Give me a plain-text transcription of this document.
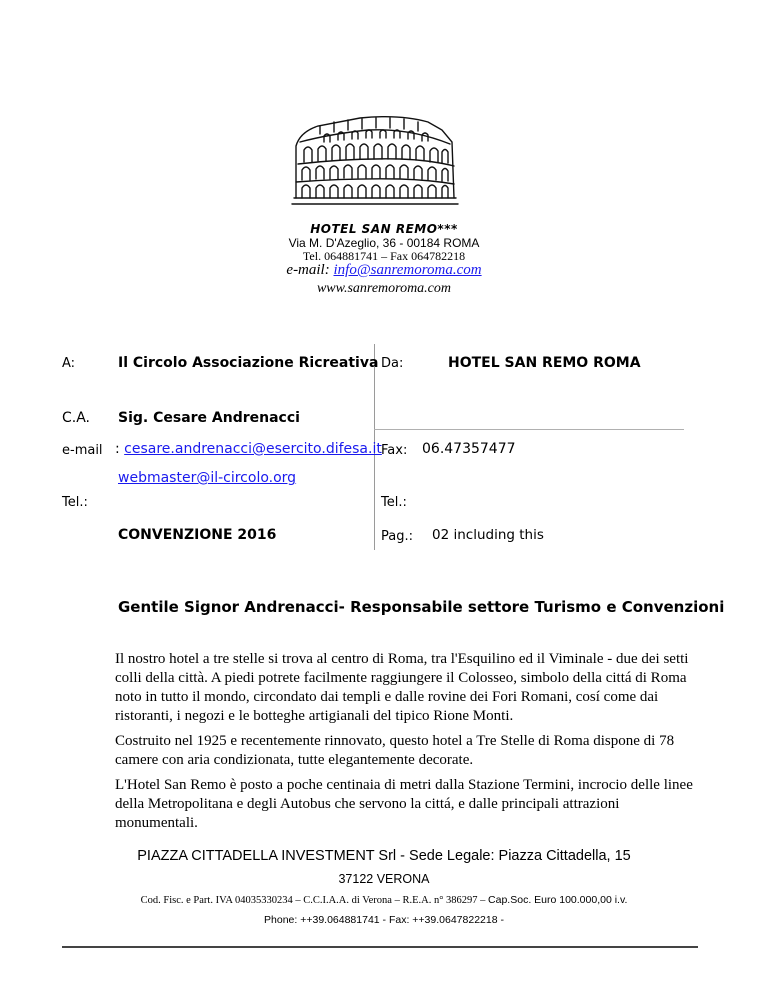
HOTEL SAN REMO***
Via M. D'Azeglio, 36 - 00184 ROMA
Tel. 064881741 – Fax 064782218
e-mail: info@sanremoroma.com
www.sanremoroma.com
A:	Il Circolo Associazione Ricreativa Da:	HOTEL SAN REMO ROMA
C.A. Sig. Cesare Andrenacci
e-mail : cesare.andrenacci@esercito.difesa.it
webmaster@il-circolo.org
Fax: 06.47357477
Tel.:	Tel.:
CONVENZIONE 2016	Pag.: 02 including this
Gentile Signor Andrenacci- Responsabile settore Turismo e Convenzioni
Il nostro hotel a tre stelle si trova al centro di Roma, tra l'Esquilino ed il Viminale - due dei setti colli della città. A piedi potrete facilmente raggiungere il Colosseo, simbolo della cittá di Roma noto in tutto il mondo, circondato dai templi e dalle rovine dei Fori Romani, cosí come dai ristoranti, i negozi e le botteghe artigianali del tipico Rione Monti.
Costruito nel 1925 e recentemente rinnovato, questo hotel a Tre Stelle di Roma dispone di 78 camere con aria condizionata, tutte elegantemente decorate.
L'Hotel San Remo è posto a poche centinaia di metri dalla Stazione Termini, incrocio delle linee della Metropolitana e degli Autobus che servono la cittá, e dalle principali attrazioni monumentali.
PIAZZA CITTADELLA INVESTMENT Srl - Sede Legale: Piazza Cittadella, 15
37122 VERONA
Cod. Fisc. e Part. IVA 04035330234 – C.C.I.A.A. di Verona – R.E.A. n° 386297 – Cap.Soc. Euro 100.000,00 i.v.
Phone: ++39.064881741 - Fax: ++39.0647822218 -
